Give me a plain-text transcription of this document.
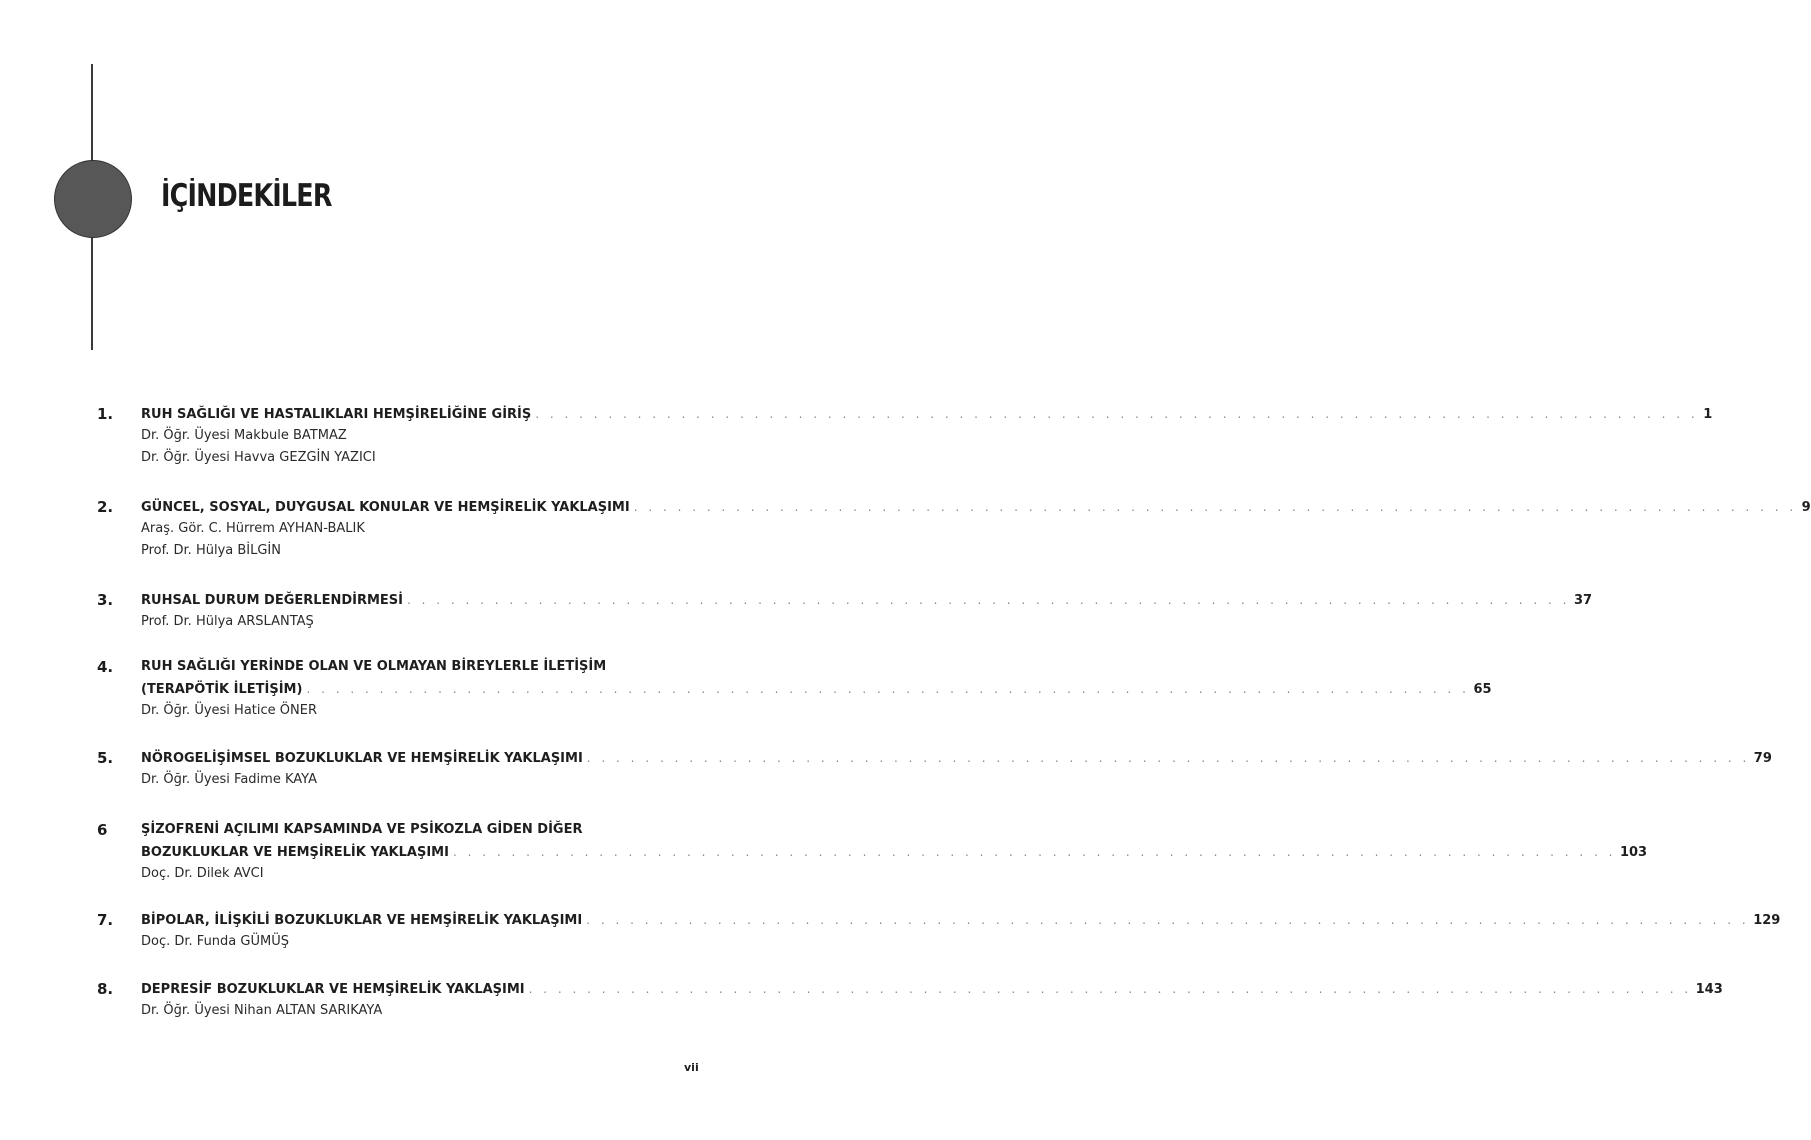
İÇİNDEKİLER
1. RUH SAĞLIĞI VE HASTALIKLARI HEMŞİRELİĞİNE GİRİŞ . . . . . . . . . . . . . . . . . . . . . . . . . . . . . . . . . . . . . . . . . . . . . . . . . . . . . . . . . . . . . . . . . . . . . . . . . . . . . . . . 1
Dr. Öğr. Üyesi Makbule BATMAZ
Dr. Öğr. Üyesi Havva GEZGİN YAZICI
2. GÜNCEL, SOSYAL, DUYGUSAL KONULAR VE HEMŞİRELİK YAKLAŞIMI . . . . . . . . . . . . . . . . . . . . . . . . . . . . . . . . . . . . . . . . . . . . . . . . . . . . . . . . . . . . . . . . . . . . . . . . . . . . . . . . 9
Araş. Gör. C. Hürrem AYHAN-BALIK
Prof. Dr. Hülya BİLGİN
3. RUHSAL DURUM DEĞERLENDİRMESİ . . . . . . . . . . . . . . . . . . . . . . . . . . . . . . . . . . . . . . . . . . . . . . . . . . . . . . . . . . . . . . . . . . . . . . . . . . . . . . . . 37
Prof. Dr. Hülya ARSLANTAŞ
4. RUH SAĞLIĞI YERİNDE OLAN VE OLMAYAN BİREYLERLE İLETİŞİM
(TERAPÖTİK İLETİŞİM) . . . . . . . . . . . . . . . . . . . . . . . . . . . . . . . . . . . . . . . . . . . . . . . . . . . . . . . . . . . . . . . . . . . . . . . . . . . . . . . . 65
Dr. Öğr. Üyesi Hatice ÖNER
5. NÖROGELİŞİMSEL BOZUKLUKLAR VE HEMŞİRELİK YAKLAŞIMI . . . . . . . . . . . . . . . . . . . . . . . . . . . . . . . . . . . . . . . . . . . . . . . . . . . . . . . . . . . . . . . . . . . . . . . . . . . . . . . . 79
Dr. Öğr. Üyesi Fadime KAYA
6	ŞİZOFRENİ AÇILIMI KAPSAMINDA VE PSİKOZLA GİDEN DİĞER
BOZUKLUKLAR VE HEMŞİRELİK YAKLAŞIMI . . . . . . . . . . . . . . . . . . . . . . . . . . . . . . . . . . . . . . . . . . . . . . . . . . . . . . . . . . . . . . . . . . . . . . . . . . . . . . . . 103
Doç. Dr. Dilek AVCI
7. BİPOLAR, İLİŞKİLİ BOZUKLUKLAR VE HEMŞİRELİK YAKLAŞIMI . . . . . . . . . . . . . . . . . . . . . . . . . . . . . . . . . . . . . . . . . . . . . . . . . . . . . . . . . . . . . . . . . . . . . . . . . . . . . . . . 129
Doç. Dr. Funda GÜMÜŞ
8. DEPRESİF BOZUKLUKLAR VE HEMŞİRELİK YAKLAŞIMI . . . . . . . . . . . . . . . . . . . . . . . . . . . . . . . . . . . . . . . . . . . . . . . . . . . . . . . . . . . . . . . . . . . . . . . . . . . . . . . . 143
Dr. Öğr. Üyesi Nihan ALTAN SARIKAYA
vii
